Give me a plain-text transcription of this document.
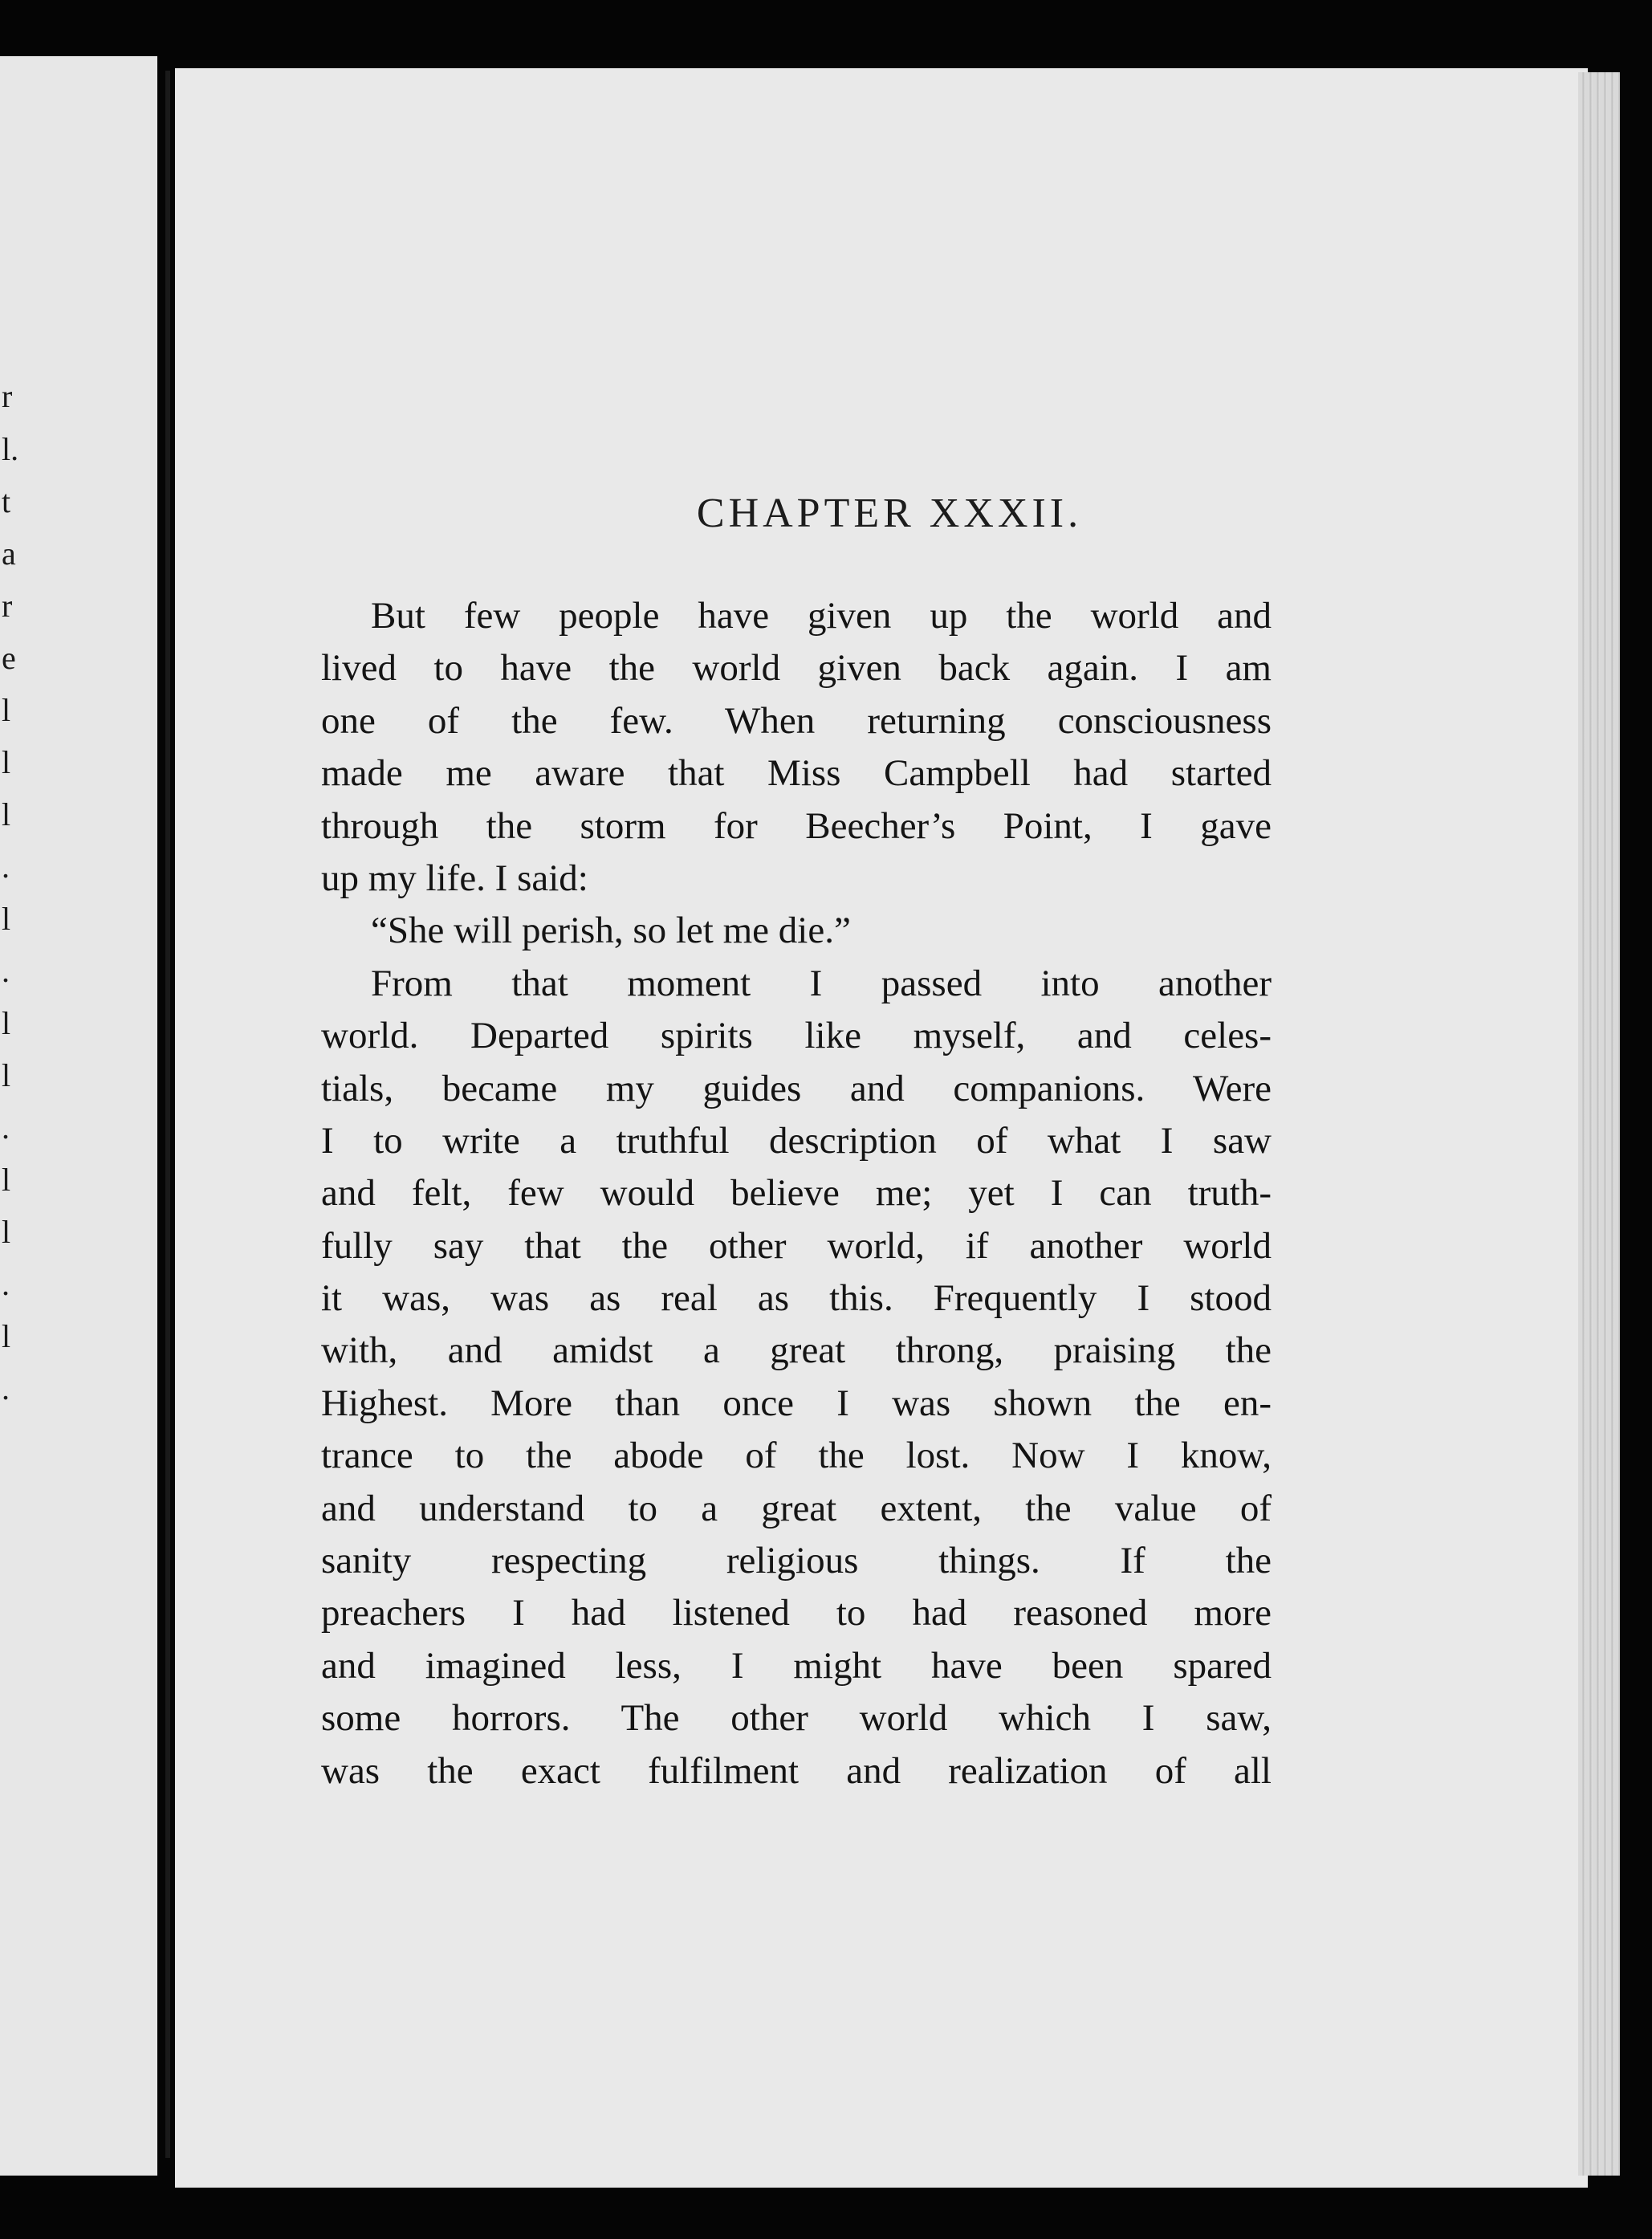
r
l.
t
a
r
e
l
l
l
.
l
.
l
l
.
l
l
.
l
.
CHAPTER XXXII.
But few people have given up the world and
lived to have the world given back again. I am
one of the few. When returning consciousness
made me aware that Miss Campbell had started
through the storm for Beecher’s Point, I gave
up my life. I said:
“She will perish, so let me die.”
From that moment I passed into another
world. Departed spirits like myself, and celes-
tials, became my guides and companions. Were
I to write a truthful description of what I saw
and felt, few would believe me; yet I can truth-
fully say that the other world, if another world
it was, was as real as this. Frequently I stood
with, and amidst a great throng, praising the
Highest. More than once I was shown the en-
trance to the abode of the lost. Now I know,
and understand to a great extent, the value of
sanity respecting religious things. If the
preachers I had listened to had reasoned more
and imagined less, I might have been spared
some horrors. The other world which I saw,
was the exact fulfilment and realization of all
